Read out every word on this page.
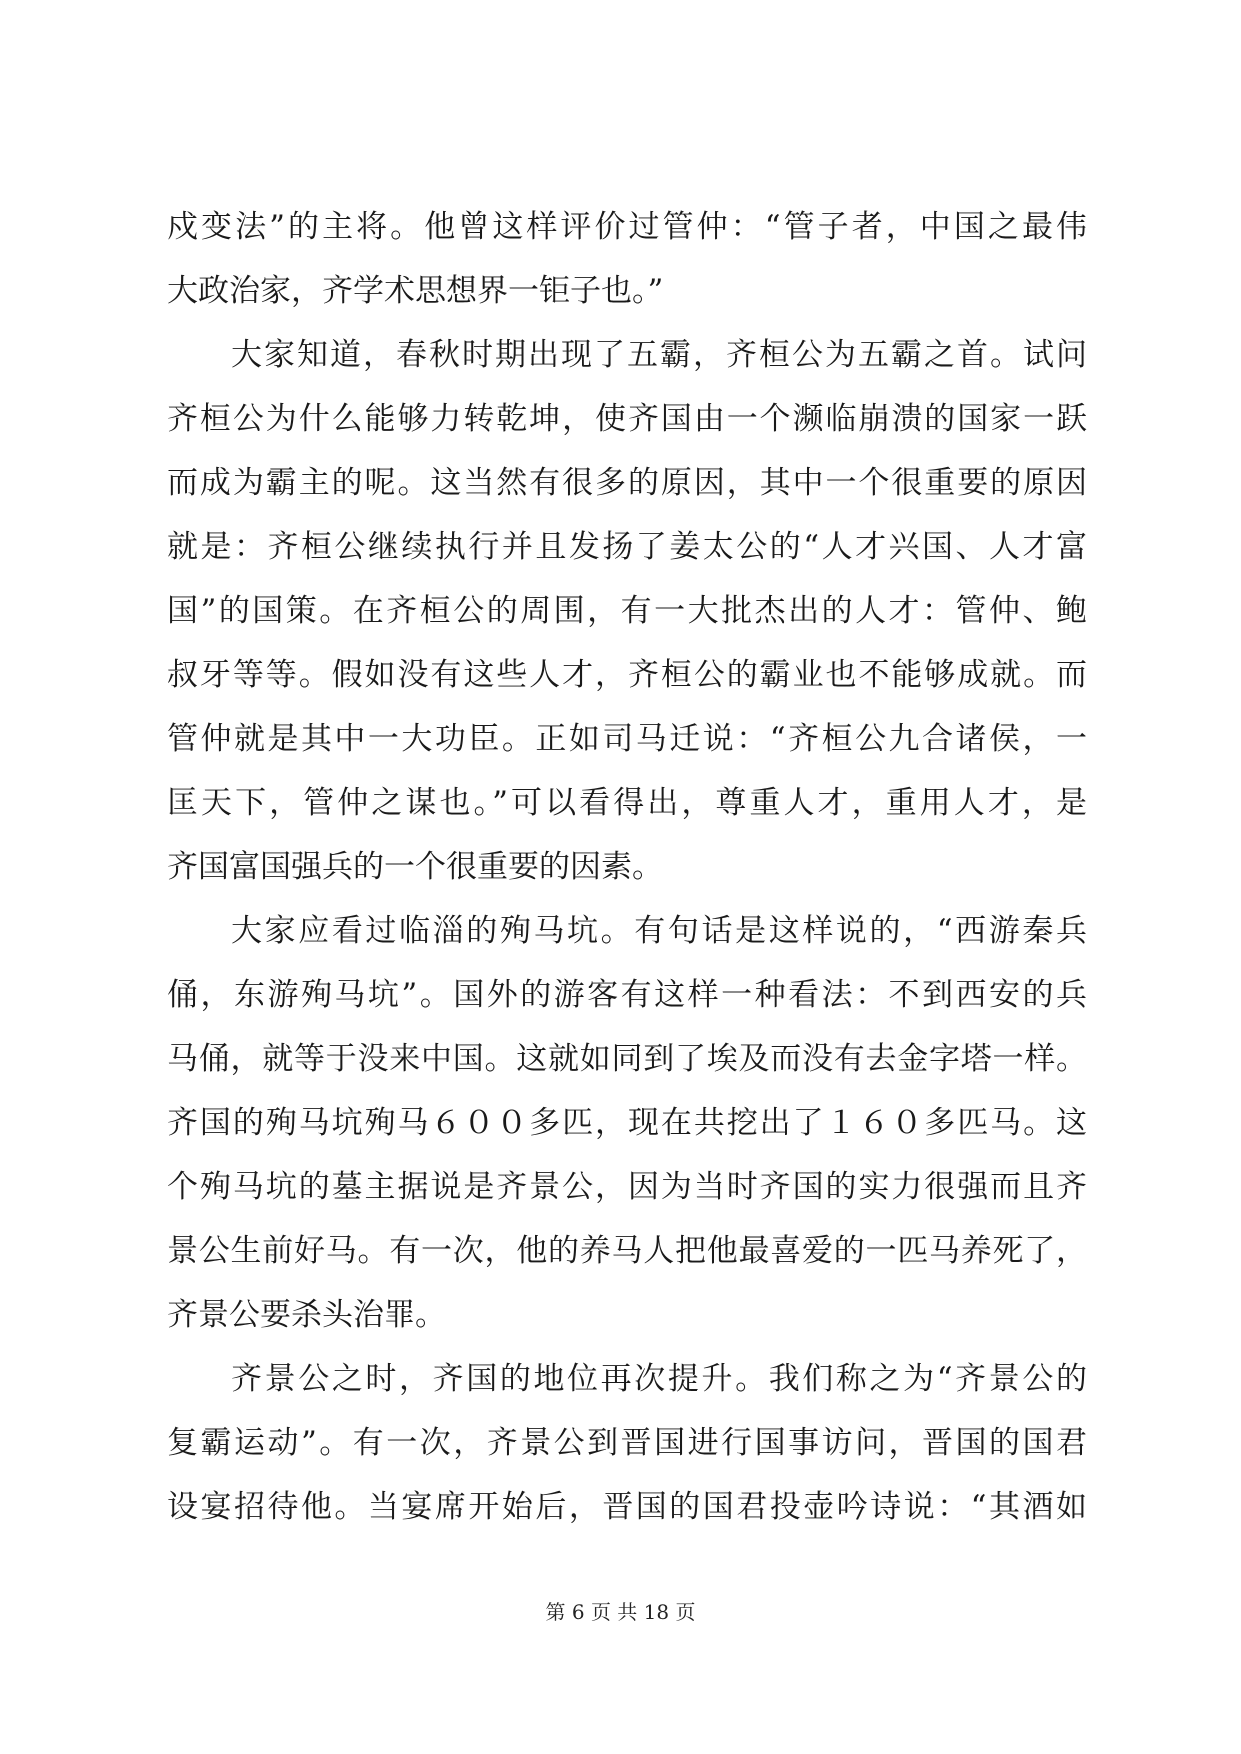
戍变法”的主将。他曾这样评价过管仲：“管子者，中国之最伟
大政治家，齐学术思想界一钜子也。”
大家知道，春秋时期出现了五霸，齐桓公为五霸之首。试问
齐桓公为什么能够力转乾坤，使齐国由一个濒临崩溃的国家一跃
而成为霸主的呢。这当然有很多的原因，其中一个很重要的原因
就是：齐桓公继续执行并且发扬了姜太公的“人才兴国、人才富
国”的国策。在齐桓公的周围，有一大批杰出的人才：管仲、鲍
叔牙等等。假如没有这些人才，齐桓公的霸业也不能够成就。而
管仲就是其中一大功臣。正如司马迁说：“齐桓公九合诸侯，一
匡天下，管仲之谋也。”可以看得出，尊重人才，重用人才，是
齐国富国强兵的一个很重要的因素。
大家应看过临淄的殉马坑。有句话是这样说的，“西游秦兵
俑，东游殉马坑”。国外的游客有这样一种看法：不到西安的兵
马俑，就等于没来中国。这就如同到了埃及而没有去金字塔一样。
齐国的殉马坑殉马６００多匹，现在共挖出了１６０多匹马。这
个殉马坑的墓主据说是齐景公，因为当时齐国的实力很强而且齐
景公生前好马。有一次，他的养马人把他最喜爱的一匹马养死了，
齐景公要杀头治罪。
齐景公之时，齐国的地位再次提升。我们称之为“齐景公的
复霸运动”。有一次，齐景公到晋国进行国事访问，晋国的国君
设宴招待他。当宴席开始后，晋国的国君投壶吟诗说：“其酒如
第 6 页 共 18 页
